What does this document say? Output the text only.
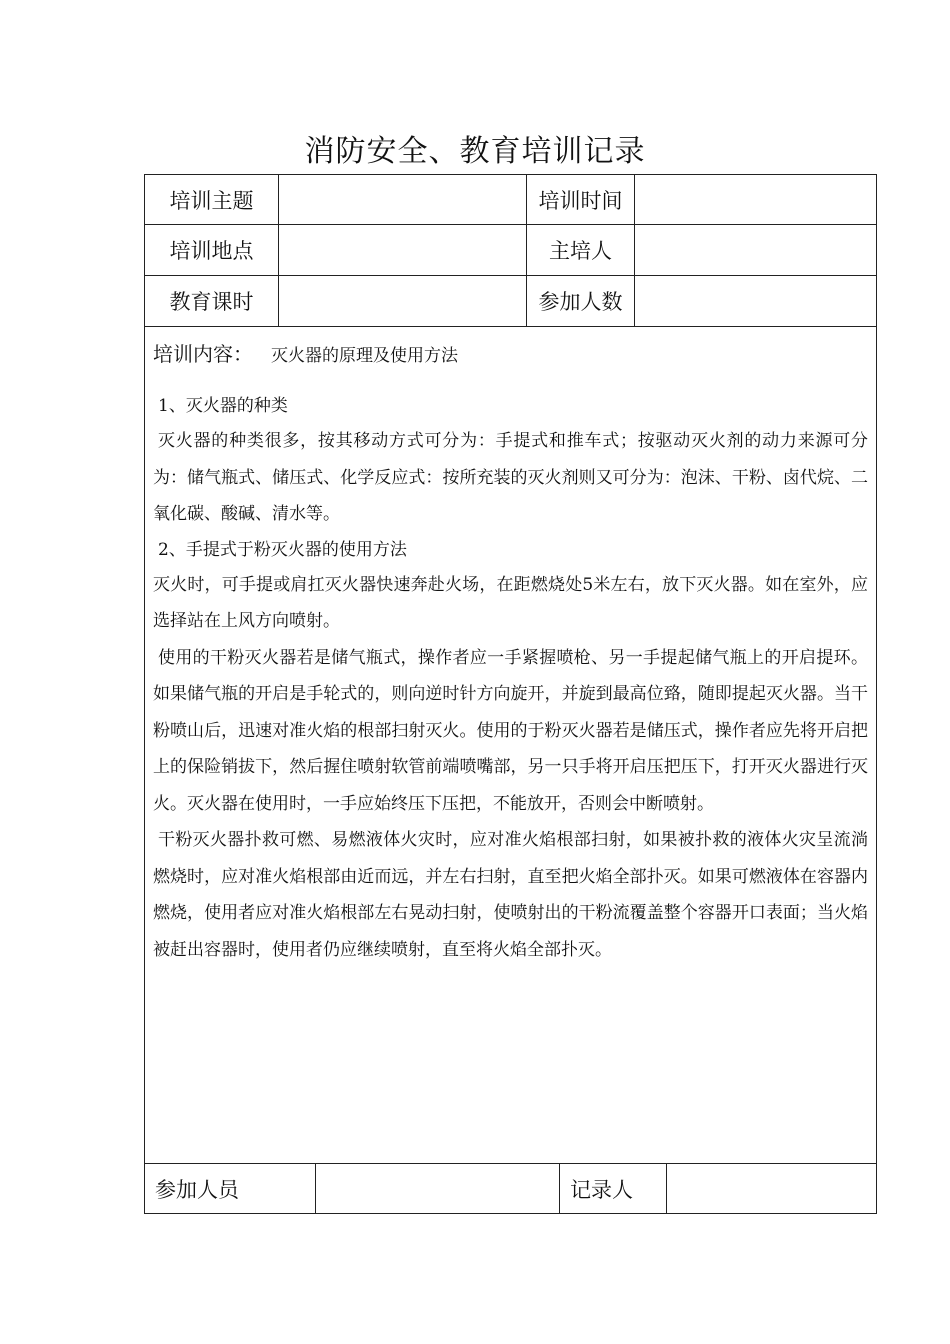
消防安全、教育培训记录
培训主题	培训时间
培训地点	主培人
教育课时	参加人数
培训内容： 灭火器的原理及使用方法
1、灭火器的种类
灭火器的种类很多，按其移动方式可分为：手提式和推车式；按驱动灭火剂的动力来源可分为：储气瓶式、储压式、化学反应式：按所充装的灭火剂则又可分为：泡沫、干粉、卤代烷、二氧化碳、酸碱、清水等。
2、手提式于粉灭火器的使用方法
灭火时，可手提或肩扛灭火器快速奔赴火场，在距燃烧处5米左右，放下灭火器。如在室外，应选择站在上风方向喷射。
使用的干粉灭火器若是储气瓶式，操作者应一手紧握喷枪、另一手提起储气瓶上的开启提环。如果储气瓶的开启是手轮式的，则向逆时针方向旋开，并旋到最高位臵，随即提起灭火器。当干粉喷山后，迅速对准火焰的根部扫射灭火。使用的于粉灭火器若是储压式，操作者应先将开启把上的保险销拔下，然后握住喷射软管前端喷嘴部，另一只手将开启压把压下，打开灭火器进行灭火。灭火器在使用时，一手应始终压下压把，不能放开，否则会中断喷射。
干粉灭火器扑救可燃、易燃液体火灾时，应对准火焰根部扫射，如果被扑救的液体火灾呈流淌燃烧时，应对准火焰根部由近而远，并左右扫射，直至把火焰全部扑灭。如果可燃液体在容器内燃烧，使用者应对准火焰根部左右晃动扫射，使喷射出的干粉流覆盖整个容器开口表面；当火焰被赶出容器时，使用者仍应继续喷射，直至将火焰全部扑灭。
参加人员	记录人
